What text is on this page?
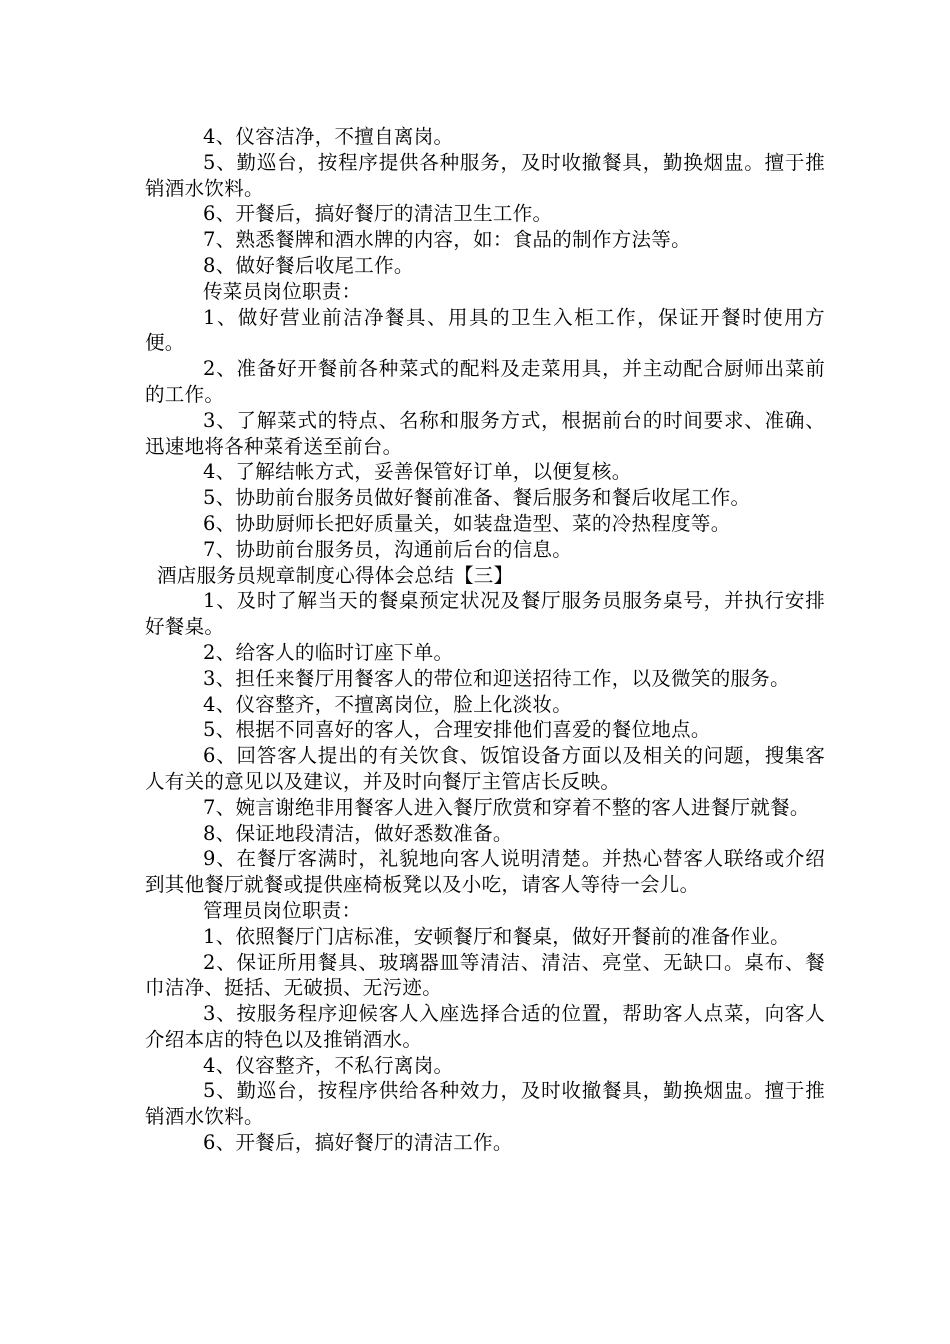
4、仪容洁净，不擅自离岗。

5、勤巡台，按程序提供各种服务，及时收撤餐具，勤换烟盅。擅于推销酒水饮料。

6、开餐后，搞好餐厅的清洁卫生工作。

7、熟悉餐牌和酒水牌的内容，如：食品的制作方法等。

8、做好餐后收尾工作。

传菜员岗位职责：

1、做好营业前洁净餐具、用具的卫生入柜工作，保证开餐时使用方便。

2、准备好开餐前各种菜式的配料及走菜用具，并主动配合厨师出菜前的工作。

3、了解菜式的特点、名称和服务方式，根据前台的时间要求、准确、迅速地将各种菜肴送至前台。

4、了解结帐方式，妥善保管好订单，以便复核。

5、协助前台服务员做好餐前准备、餐后服务和餐后收尾工作。

6、协助厨师长把好质量关，如装盘造型、菜的冷热程度等。

7、协助前台服务员，沟通前后台的信息。

酒店服务员规章制度心得体会总结【三】

1、及时了解当天的餐桌预定状况及餐厅服务员服务桌号，并执行安排好餐桌。

2、给客人的临时订座下单。

3、担任来餐厅用餐客人的带位和迎送招待工作，以及微笑的服务。

4、仪容整齐，不擅离岗位，脸上化淡妆。

5、根据不同喜好的客人，合理安排他们喜爱的餐位地点。

6、回答客人提出的有关饮食、饭馆设备方面以及相关的问题，搜集客人有关的意见以及建议，并及时向餐厅主管店长反映。

7、婉言谢绝非用餐客人进入餐厅欣赏和穿着不整的客人进餐厅就餐。

8、保证地段清洁，做好悉数准备。

9、在餐厅客满时，礼貌地向客人说明清楚。并热心替客人联络或介绍到其他餐厅就餐或提供座椅板凳以及小吃，请客人等待一会儿。

管理员岗位职责：

1、依照餐厅门店标准，安顿餐厅和餐桌，做好开餐前的准备作业。

2、保证所用餐具、玻璃器皿等清洁、清洁、亮堂、无缺口。桌布、餐巾洁净、挺括、无破损、无污迹。

3、按服务程序迎候客人入座选择合适的位置，帮助客人点菜，向客人介绍本店的特色以及推销酒水。

4、仪容整齐，不私行离岗。

5、勤巡台，按程序供给各种效力，及时收撤餐具，勤换烟盅。擅于推销酒水饮料。

6、开餐后，搞好餐厅的清洁工作。
